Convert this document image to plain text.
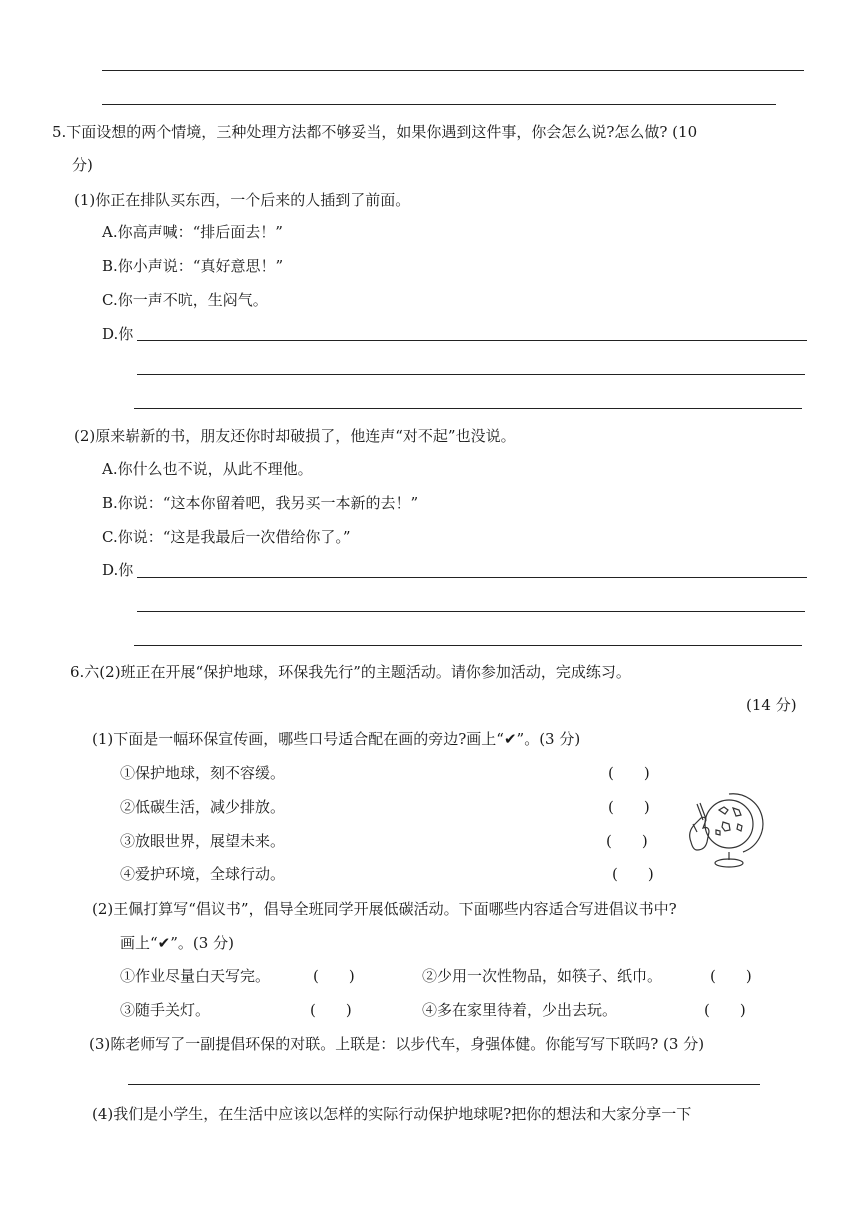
5.下面设想的两个情境，三种处理方法都不够妥当，如果你遇到这件事，你会怎么说?怎么做? (10
分)
(1)你正在排队买东西，一个后来的人插到了前面。
A.你高声喊：“排后面去！”
B.你小声说：“真好意思！”
C.你一声不吭，生闷气。
D.你
(2)原来崭新的书，朋友还你时却破损了，他连声“对不起”也没说。
A.你什么也不说，从此不理他。
B.你说：“这本你留着吧，我另买一本新的去！”
C.你说：“这是我最后一次借给你了。”
D.你
6.六(2)班正在开展“保护地球，环保我先行”的主题活动。请你参加活动，完成练习。
(14 分)
(1)下面是一幅环保宣传画，哪些口号适合配在画的旁边?画上“✔”。(3 分)
①保护地球，刻不容缓。	(　　)
②低碳生活，减少排放。	(　　)
③放眼世界，展望未来。	(　　)
④爱护环境，全球行动。	(　　)
(2)王佩打算写“倡议书”，倡导全班同学开展低碳活动。下面哪些内容适合写进倡议书中?
画上“✔”。(3 分)
①作业尽量白天写完。	(　　)	②少用一次性物品，如筷子、纸巾。	(　　)
③随手关灯。	(　　)	④多在家里待着，少出去玩。	(　　)
(3)陈老师写了一副提倡环保的对联。上联是：以步代车，身强体健。你能写写下联吗? (3 分)
(4)我们是小学生，在生活中应该以怎样的实际行动保护地球呢?把你的想法和大家分享一下
